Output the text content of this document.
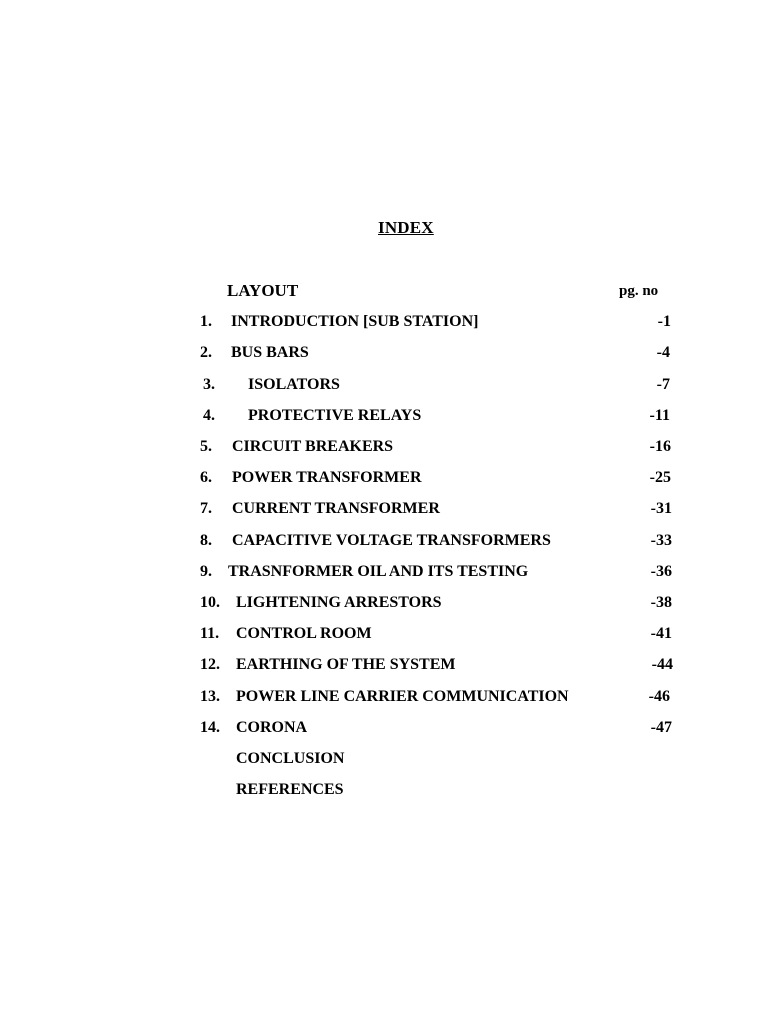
INDEX
LAYOUT	pg. no
1. INTRODUCTION [SUB STATION]	-1
2. BUS BARS	-4
3. ISOLATORS	-7
4. PROTECTIVE RELAYS	-11
5. CIRCUIT BREAKERS	-16
6. POWER TRANSFORMER	-25
7. CURRENT TRANSFORMER	-31
8. CAPACITIVE VOLTAGE TRANSFORMERS	-33
9. TRASNFORMER OIL AND ITS TESTING	-36
10. LIGHTENING ARRESTORS	-38
11. CONTROL ROOM	-41
12. EARTHING OF THE SYSTEM	-44
13. POWER LINE CARRIER COMMUNICATION	-46
14. CORONA	-47
CONCLUSION
REFERENCES
